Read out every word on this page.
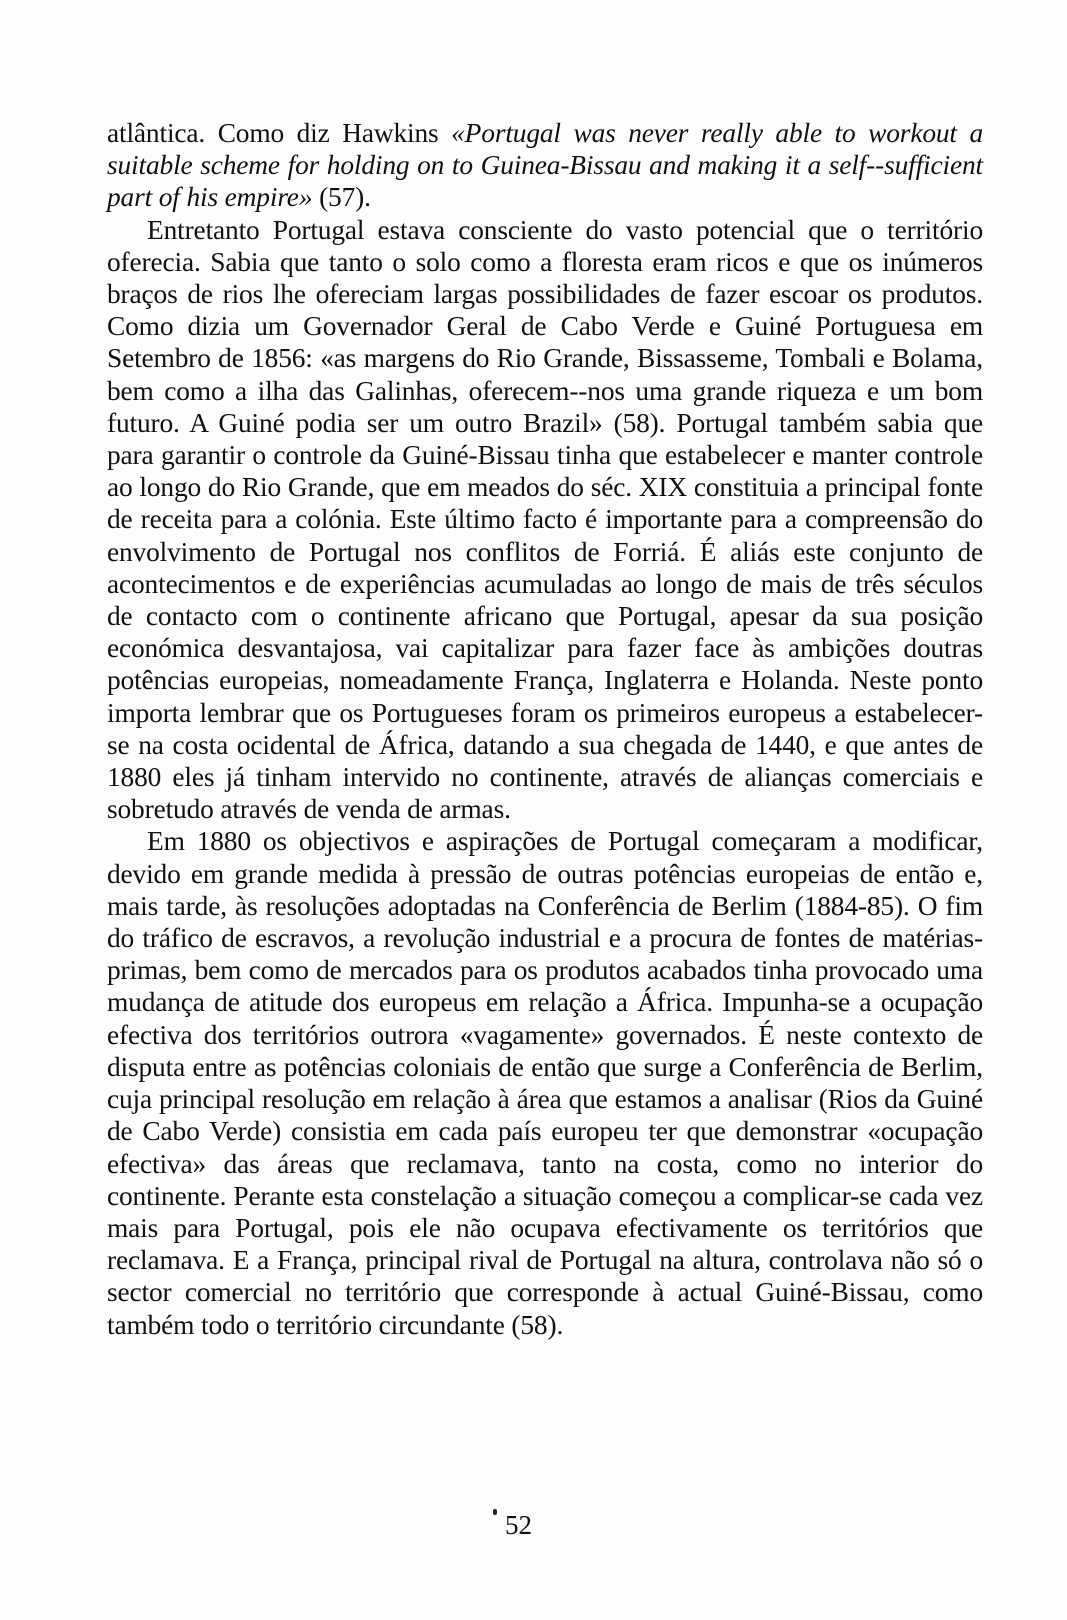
atlântica. Como diz Hawkins «Portugal was never really able to workout a suitable scheme for holding on to Guinea-Bissau and making it a self--sufficient part of his empire» (57).

Entretanto Portugal estava consciente do vasto potencial que o território oferecia. Sabia que tanto o solo como a floresta eram ricos e que os inúmeros braços de rios lhe ofereciam largas possibilidades de fazer escoar os produtos. Como dizia um Governador Geral de Cabo Verde e Guiné Portuguesa em Setembro de 1856: «as margens do Rio Grande, Bissasseme, Tombali e Bolama, bem como a ilha das Galinhas, oferecem--nos uma grande riqueza e um bom futuro. A Guiné podia ser um outro Brazil» (58). Portugal também sabia que para garantir o controle da Guiné-Bissau tinha que estabelecer e manter controle ao longo do Rio Grande, que em meados do séc. XIX constituia a principal fonte de receita para a colónia. Este último facto é importante para a compreensão do envolvimento de Portugal nos conflitos de Forriá. É aliás este conjunto de acontecimentos e de experiências acumuladas ao longo de mais de três séculos de contacto com o continente africano que Portugal, apesar da sua posição económica desvantajosa, vai capitalizar para fazer face às ambições doutras potências europeias, nomeadamente França, Inglaterra e Holanda. Neste ponto importa lembrar que os Portugueses foram os primeiros europeus a estabelecer-se na costa ocidental de África, datando a sua chegada de 1440, e que antes de 1880 eles já tinham intervido no continente, através de alianças comerciais e sobretudo através de venda de armas.

Em 1880 os objectivos e aspirações de Portugal começaram a modificar, devido em grande medida à pressão de outras potências europeias de então e, mais tarde, às resoluções adoptadas na Conferência de Berlim (1884-85). O fim do tráfico de escravos, a revolução industrial e a procura de fontes de matérias-primas, bem como de mercados para os produtos acabados tinha provocado uma mudança de atitude dos europeus em relação a África. Impunha-se a ocupação efectiva dos territórios outrora «vagamente» governados. É neste contexto de disputa entre as potências coloniais de então que surge a Conferência de Berlim, cuja principal resolução em relação à área que estamos a analisar (Rios da Guiné de Cabo Verde) consistia em cada país europeu ter que demonstrar «ocupação efectiva» das áreas que reclamava, tanto na costa, como no interior do continente. Perante esta constelação a situação começou a complicar-se cada vez mais para Portugal, pois ele não ocupava efectivamente os territórios que reclamava. E a França, principal rival de Portugal na altura, controlava não só o sector comercial no território que corresponde à actual Guiné-Bissau, como também todo o território circundante (58).

52
